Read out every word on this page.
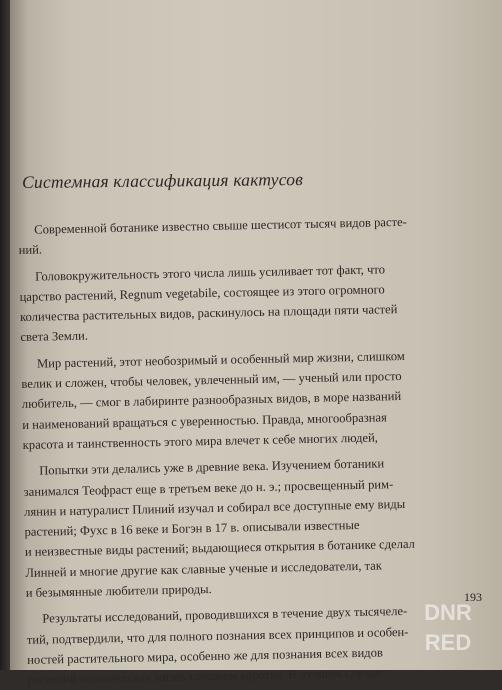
Системная классификация кактусов
Современной ботанике известно свыше шестисот тысяч видов расте-
ний.
Головокружительность этого числа лишь усиливает тот факт, что
царство растений, Regnum vegetabile, состоящее из этого огромного
количества растительных видов, раскинулось на площади пяти частей
света Земли.
Мир растений, этот необозримый и особенный мир жизни, слишком
велик и сложен, чтобы человек, увлеченный им, — ученый или просто
любитель, — смог в лабиринте разнообразных видов, в море названий
и наименований вращаться с уверенностью. Правда, многообразная
красота и таинственность этого мира влечет к себе многих людей,
Попытки эти делались уже в древние века. Изучением ботаники
занимался Теофраст еще в третьем веке до н. э.; просвещенный рим-
лянин и натуралист Плиний изучал и собирал все доступные ему виды
растений; Фухс в 16 веке и Богэн в 17 в. описывали известные
и неизвестные виды растений; выдающиеся открытия в ботанике сделал
Линней и многие другие как славные ученые и исследователи, так
и безымянные любители природы.
Результаты исследований, проводившихся в течение двух тысячеле-
тий, подтвердили, что для полного познания всех принципов и особен-
ностей растительного мира, особенно же для познания всех видов
растений человеческая жизнь слишком коротка. В лучшем случае
193
DNR
RED
